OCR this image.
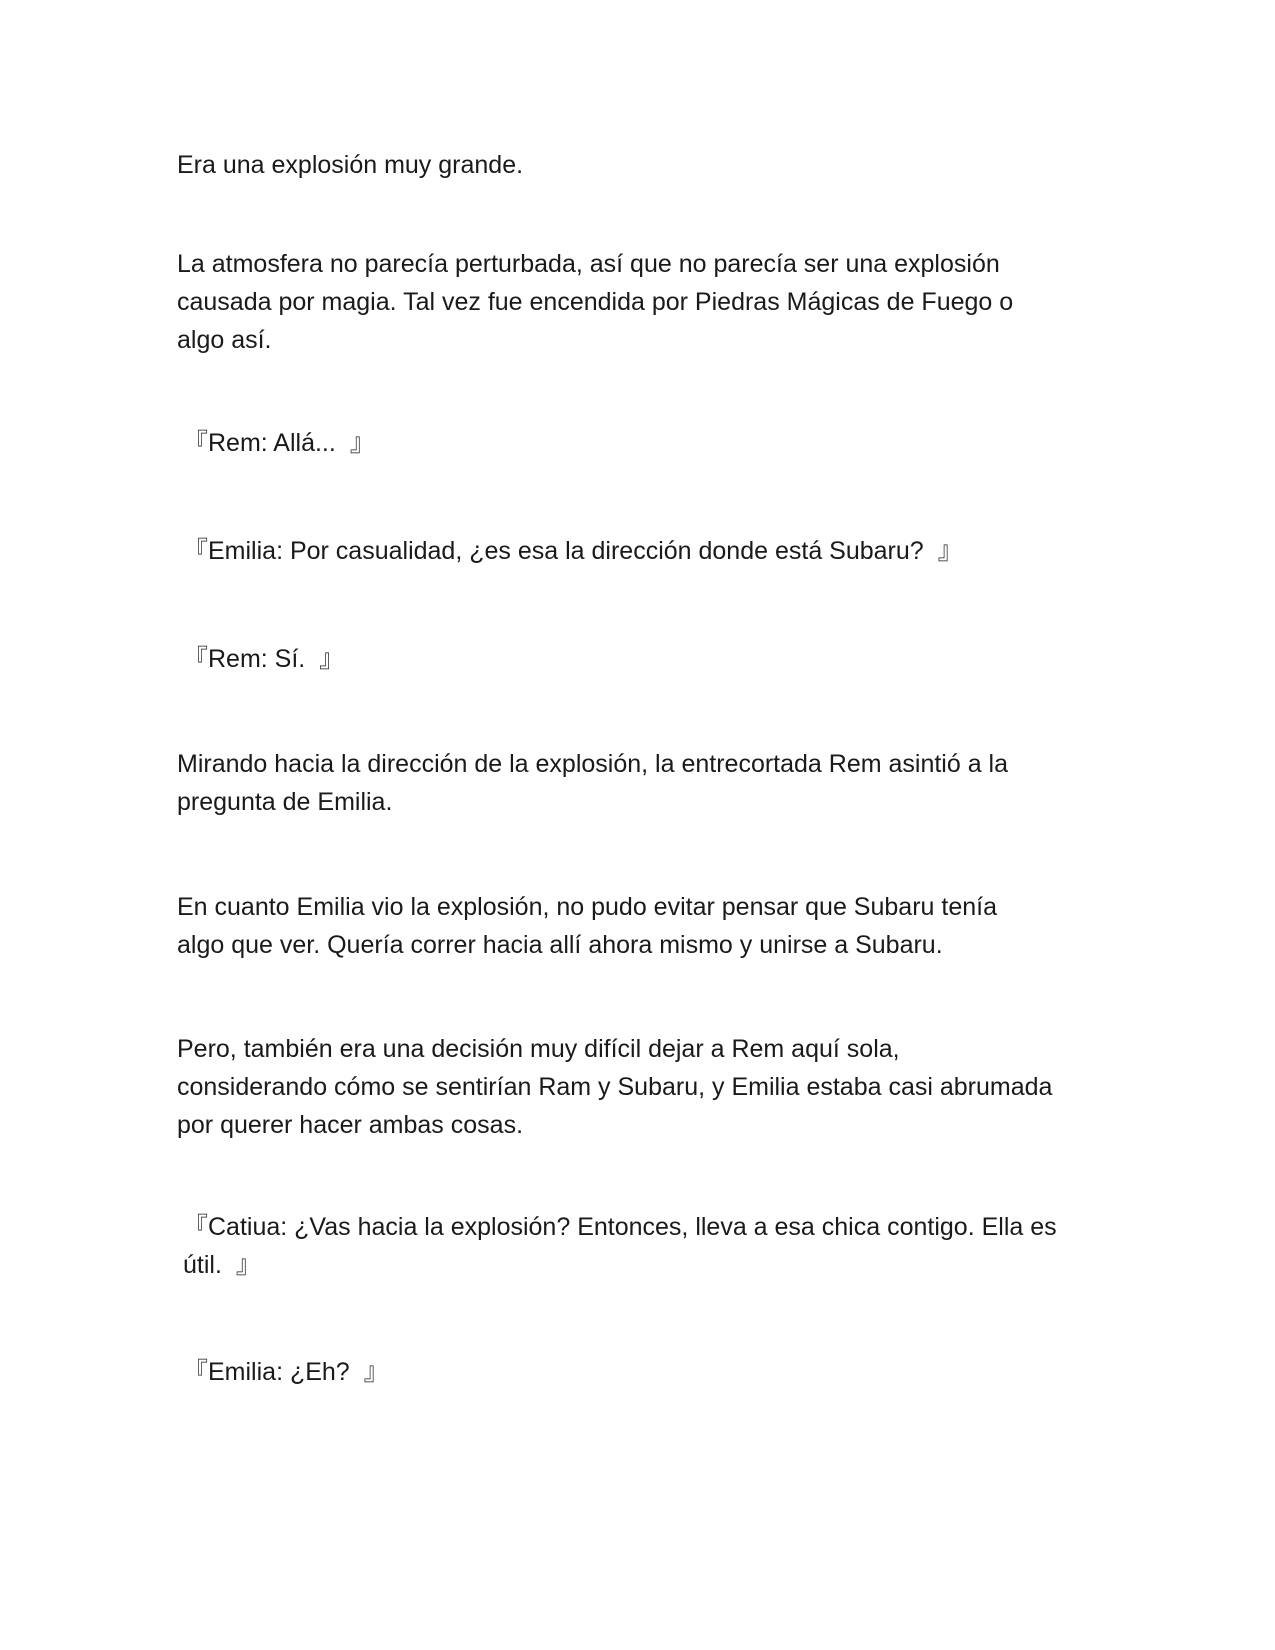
Era una explosión muy grande.

La atmosfera no parecía perturbada, así que no parecía ser una explosión
causada por magia. Tal vez fue encendida por Piedras Mágicas de Fuego o
algo así.

『Rem: Allá...  』

『Emilia: Por casualidad, ¿es esa la dirección donde está Subaru?  』

『Rem: Sí.  』

Mirando hacia la dirección de la explosión, la entrecortada Rem asintió a la
pregunta de Emilia.

En cuanto Emilia vio la explosión, no pudo evitar pensar que Subaru tenía
algo que ver. Quería correr hacia allí ahora mismo y unirse a Subaru.

Pero, también era una decisión muy difícil dejar a Rem aquí sola,
considerando cómo se sentirían Ram y Subaru, y Emilia estaba casi abrumada
por querer hacer ambas cosas.

『Catiua: ¿Vas hacia la explosión? Entonces, lleva a esa chica contigo. Ella es
útil.  』

『Emilia: ¿Eh?  』
